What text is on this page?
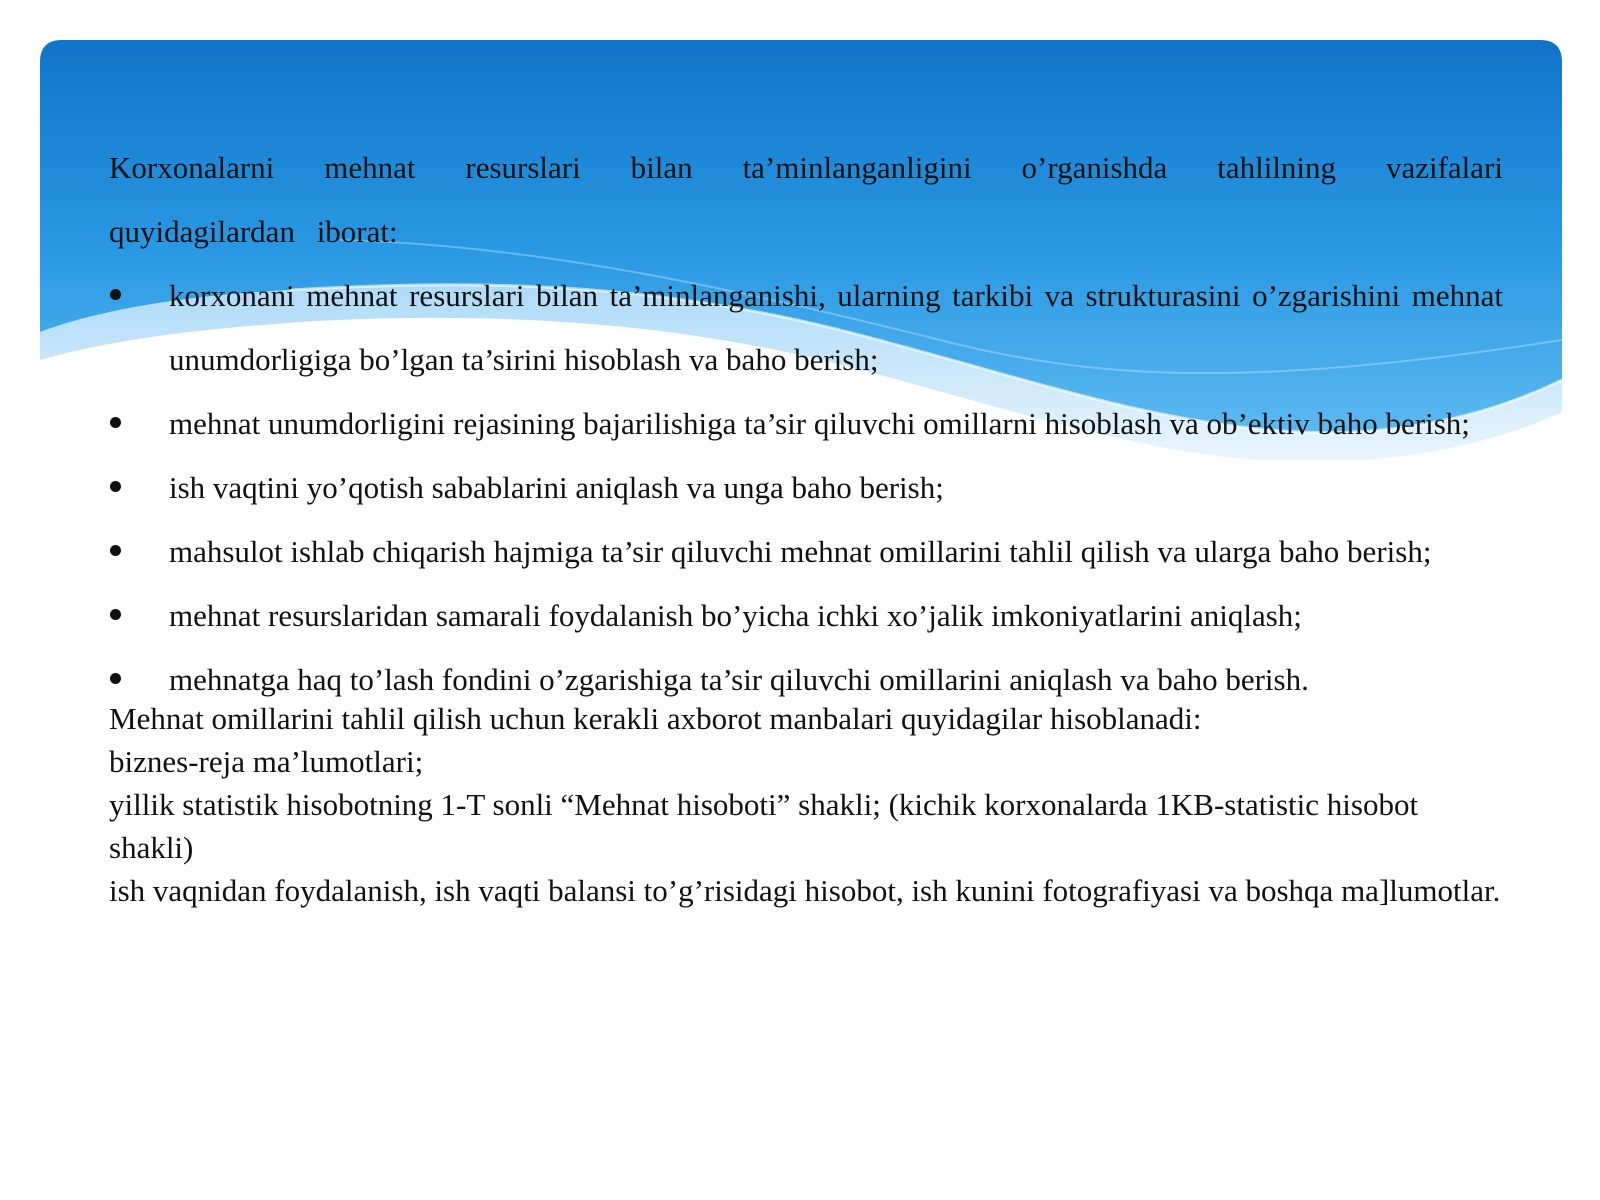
Korxonalarni mehnat resurslari bilan ta’minlanganligini o’rganishda tahlilning vazifalari quyidagilardan iborat:

korxonani mehnat resurslari bilan ta’minlanganishi, ularning tarkibi va strukturasini o’zgarishini mehnat unumdorligiga bo’lgan ta’sirini hisoblash va baho berish;
mehnat unumdorligini rejasining bajarilishiga ta’sir qiluvchi omillarni hisoblash va ob’ektiv baho berish;
ish vaqtini yo’qotish sabablarini aniqlash va unga baho berish;
mahsulot ishlab chiqarish hajmiga ta’sir qiluvchi mehnat omillarini tahlil qilish va ularga baho berish;
mehnat resurslaridan samarali foydalanish bo’yicha ichki xo’jalik imkoniyatlarini aniqlash;
mehnatga haq to’lash fondini o’zgarishiga ta’sir qiluvchi omillarini aniqlash va baho berish.
Mehnat omillarini tahlil qilish uchun kerakli axborot manbalari quyidagilar hisoblanadi:
biznes-reja ma’lumotlari;
yillik statistik hisobotning 1-T sonli “Mehnat hisoboti” shakli; (kichik korxonalarda 1KB-statistic hisobot shakli)
ish vaqnidan foydalanish, ish vaqti balansi to’g’risidagi hisobot, ish kunini fotografiyasi va boshqa ma]lumotlar.
